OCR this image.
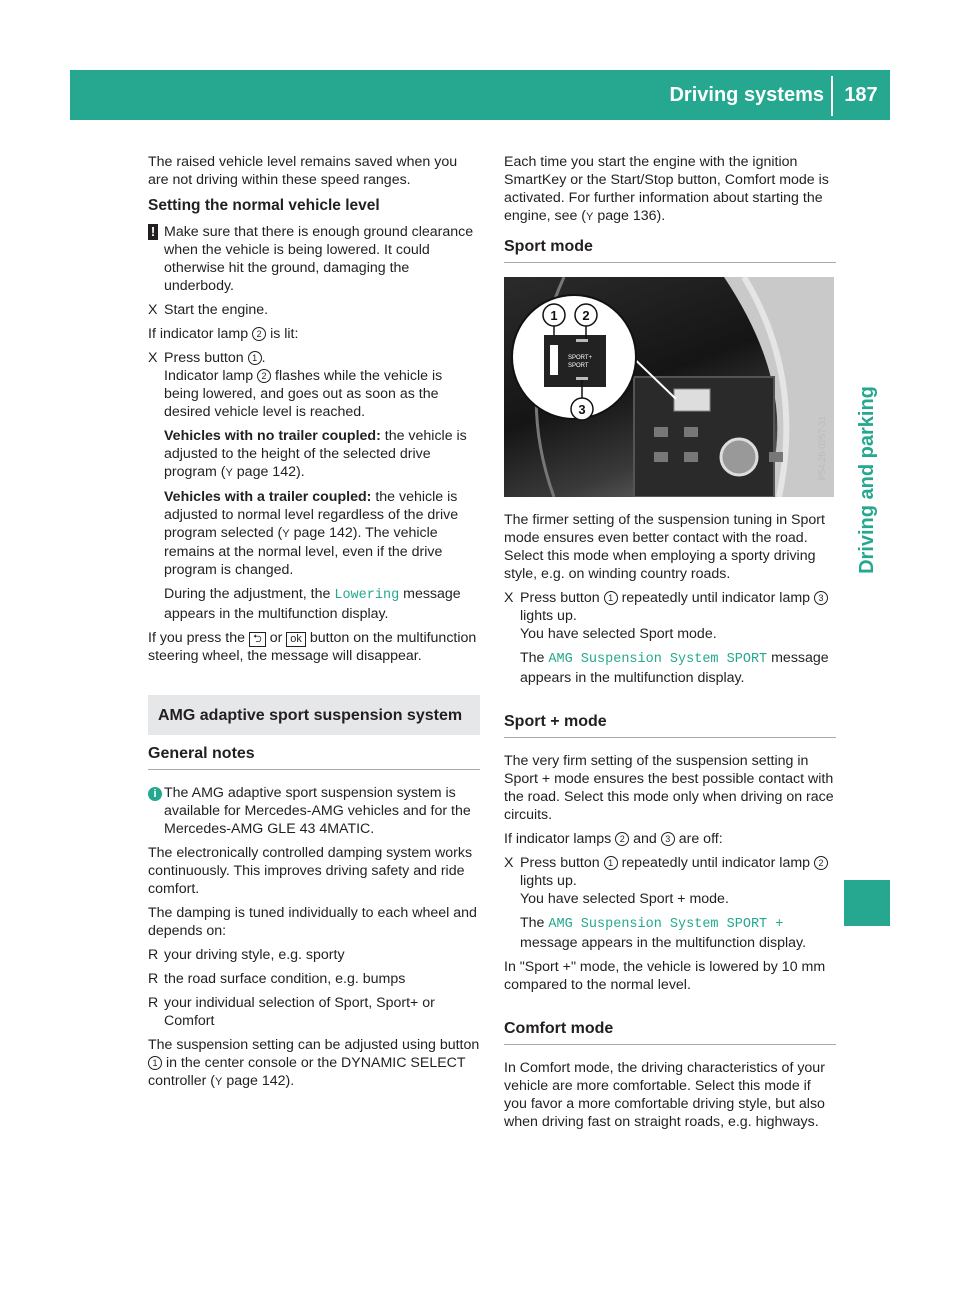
Driving systems	187
Driving and parking

The raised vehicle level remains saved when you are not driving within these speed ranges.

Setting the normal vehicle level
! Make sure that there is enough ground clearance when the vehicle is being lowered. It could otherwise hit the ground, damaging the underbody.
X Start the engine.

If indicator lamp 2 is lit:

X Press button 1 .

Indicator lamp 2 flashes while the vehicle is being lowered, and goes out as soon as the desired vehicle level is reached.

Vehicles with no trailer coupled: the vehicle is adjusted to the height of the selected drive program (Y page 142).

Vehicles with a trailer coupled: the vehicle is adjusted to normal level regardless of the drive program selected (Y page 142). The vehicle remains at the normal level, even if the drive program is changed.

During the adjustment, the Lowering message appears in the multifunction display.

If you press the ⮌ or ok button on the multifunction steering wheel, the message will disappear.

AMG adaptive sport suspension system
General notes
i The AMG adaptive sport suspension system is available for Mercedes-AMG vehicles and for the Mercedes-AMG GLE 43 4MATIC.

The electronically controlled damping system works continuously. This improves driving safety and ride comfort.

The damping is tuned individually to each wheel and depends on:

R your driving style, e.g. sporty
R the road surface condition, e.g. bumps
R your individual selection of Sport, Sport+ or Comfort

The suspension setting can be adjusted using button 1 in the center console or the DYNAMIC SELECT controller (Y page 142).

Each time you start the engine with the ignition SmartKey or the Start/Stop button, Comfort mode is activated. For further information about starting the engine, see (Y page 136).

Sport mode
SPORT+
SPORT
1 2
3

The firmer setting of the suspension tuning in Sport mode ensures even better contact with the road. Select this mode when employing a sporty driving style, e.g. on winding country roads.

X Press button 1 repeatedly until indicator lamp 3 lights up.

You have selected Sport mode.

The AMG Suspension System SPORT message appears in the multifunction display.

Sport + mode

The very firm setting of the suspension setting in Sport + mode ensures the best possible contact with the road. Select this mode only when driving on race circuits.

If indicator lamps 2 and 3 are off:

X Press button 1 repeatedly until indicator lamp 2 lights up.

You have selected Sport + mode.

The AMG Suspension System SPORT + message appears in the multifunction display.

In "Sport +" mode, the vehicle is lowered by 10 mm compared to the normal level.

Comfort mode

In Comfort mode, the driving characteristics of your vehicle are more comfortable. Select this mode if you favor a more comfortable driving style, but also when driving fast on straight roads, e.g. highways.

P54.26-0257-31
